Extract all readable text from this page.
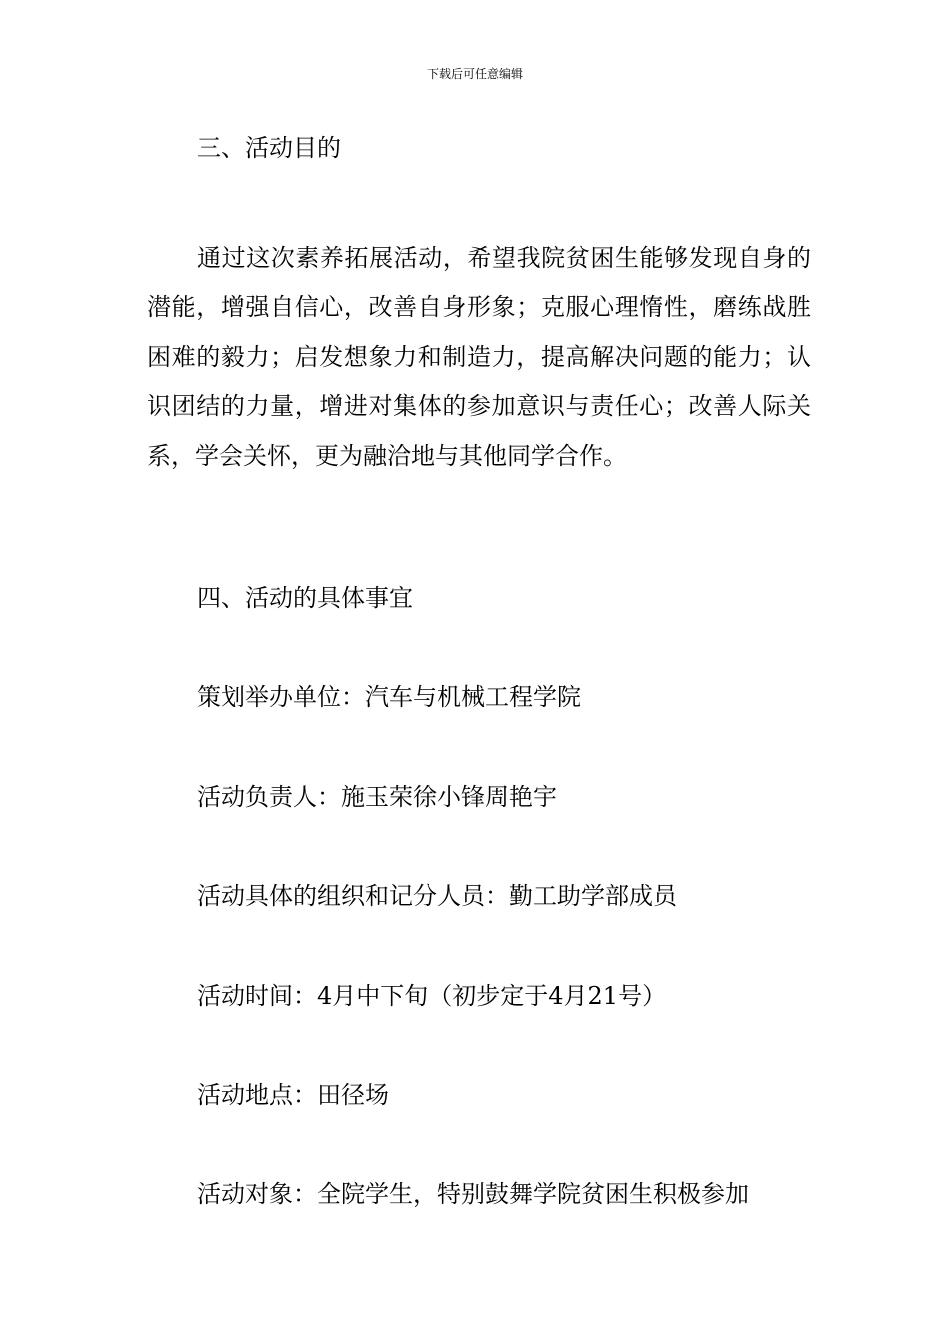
下载后可任意编辑
三、活动目的

通过这次素养拓展活动，希望我院贫困生能够发现自身的潜能，增强自信心，改善自身形象；克服心理惰性，磨练战胜困难的毅力；启发想象力和制造力，提高解决问题的能力；认识团结的力量，增进对集体的参加意识与责任心；改善人际关系，学会关怀，更为融洽地与其他同学合作。

四、活动的具体事宜
策划举办单位：汽车与机械工程学院
活动负责人：施玉荣徐小锋周艳宇
活动具体的组织和记分人员：勤工助学部成员
活动时间：4月中下旬（初步定于4月21号）
活动地点：田径场
活动对象：全院学生，特别鼓舞学院贫困生积极参加
